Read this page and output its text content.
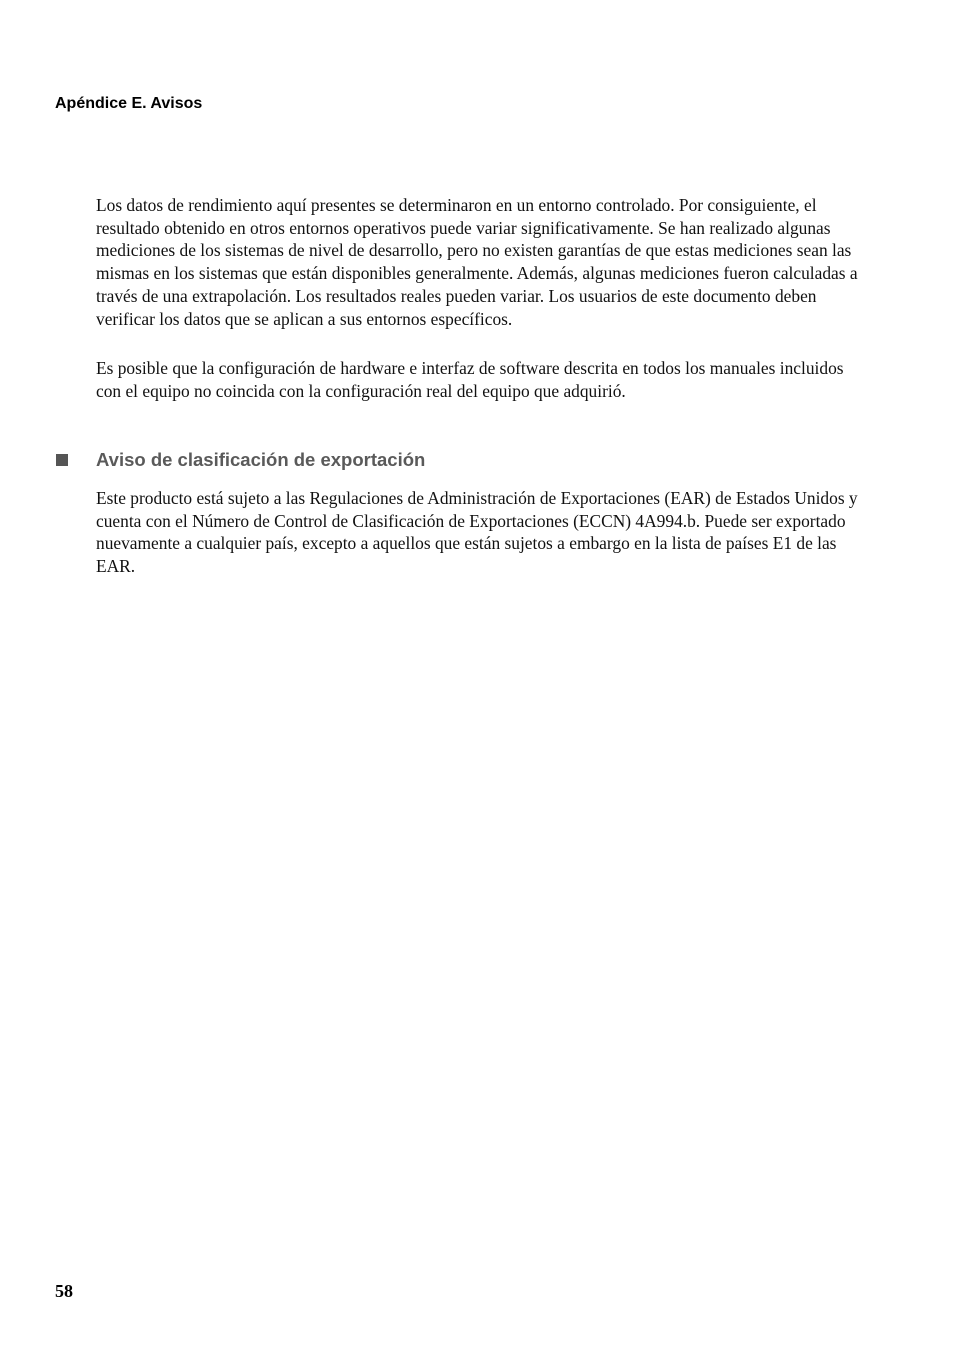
Apéndice E. Avisos

Los datos de rendimiento aquí presentes se determinaron en un entorno controlado. Por consiguiente, el resultado obtenido en otros entornos operativos puede variar significativamente. Se han realizado algunas mediciones de los sistemas de nivel de desarrollo, pero no existen garantías de que estas mediciones sean las mismas en los sistemas que están disponibles generalmente. Además, algunas mediciones fueron calculadas a través de una extrapolación. Los resultados reales pueden variar. Los usuarios de este documento deben verificar los datos que se aplican a sus entornos específicos.

Es posible que la configuración de hardware e interfaz de software descrita en todos los manuales incluidos con el equipo no coincida con la configuración real del equipo que adquirió.

Aviso de clasificación de exportación

Este producto está sujeto a las Regulaciones de Administración de Exportaciones (EAR) de Estados Unidos y cuenta con el Número de Control de Clasificación de Exportaciones (ECCN) 4A994.b. Puede ser exportado nuevamente a cualquier país, excepto a aquellos que están sujetos a embargo en la lista de países E1 de las EAR.

58
